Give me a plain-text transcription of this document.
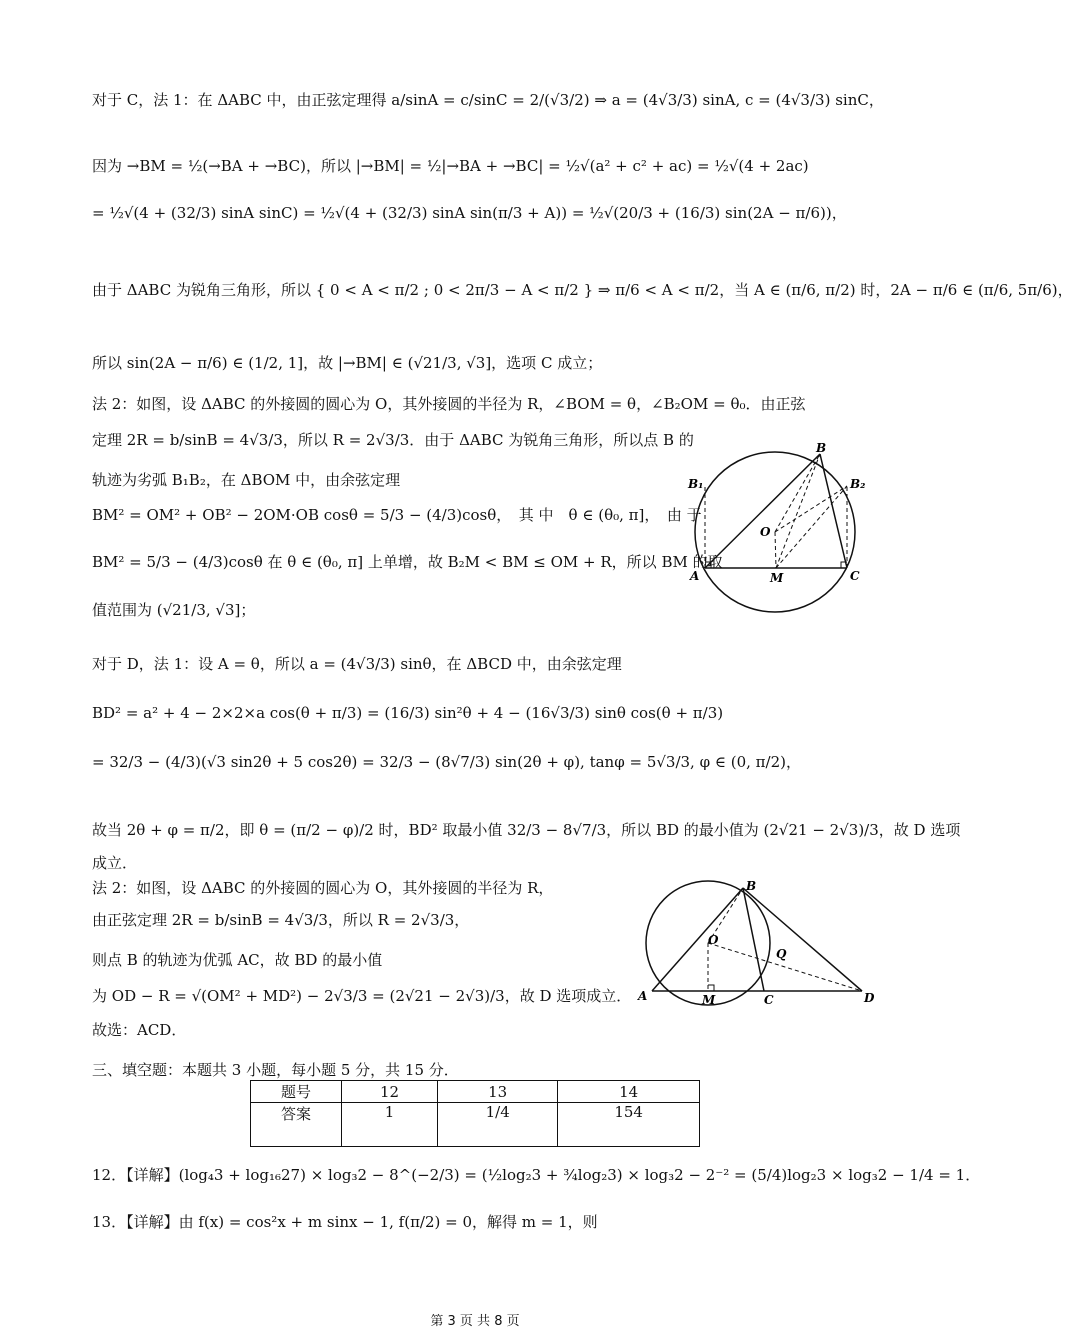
对于 C，法 1：在 ΔABC 中，由正弦定理得 a/sinA = c/sinC = 2/(√3/2) ⇒ a = (4√3/3) sinA, c = (4√3/3) sinC，
因为 →BM = ½(→BA + →BC)，所以 |→BM| = ½|→BA + →BC| = ½√(a² + c² + ac) = ½√(4 + 2ac)
= ½√(4 + (32/3) sinA sinC) = ½√(4 + (32/3) sinA sin(π/3 + A)) = ½√(20/3 + (16/3) sin(2A − π/6))，
由于 ΔABC 为锐角三角形，所以 { 0 < A < π/2 ; 0 < 2π/3 − A < π/2 } ⇒ π/6 < A < π/2，当 A ∈ (π/6, π/2) 时，2A − π/6 ∈ (π/6, 5π/6)，
所以 sin(2A − π/6) ∈ (1/2, 1]，故 |→BM| ∈ (√21/3, √3]，选项 C 成立；
法 2：如图，设 ΔABC 的外接圆的圆心为 O，其外接圆的半径为 R，∠BOM = θ，∠B₂OM = θ₀．由正弦
定理 2R = b/sinB = 4√3/3，所以 R = 2√3/3．由于 ΔABC 为锐角三角形，所以点 B 的
轨迹为劣弧 B₁B₂，在 ΔBOM 中，由余弦定理
BM² = OM² + OB² − 2OM·OB cosθ = 5/3 − (4/3)cosθ，　其 中　θ ∈ (θ₀, π]，　由 于
BM² = 5/3 − (4/3)cosθ 在 θ ∈ (θ₀, π] 上单增，故 B₂M < BM ≤ OM + R，所以 BM 的取
值范围为 (√21/3, √3]；
对于 D，法 1：设 A = θ，所以 a = (4√3/3) sinθ，在 ΔBCD 中，由余弦定理
BD² = a² + 4 − 2×2×a cos(θ + π/3) = (16/3) sin²θ + 4 − (16√3/3) sinθ cos(θ + π/3)
= 32/3 − (4/3)(√3 sin2θ + 5 cos2θ) = 32/3 − (8√7/3) sin(2θ + φ), tanφ = 5√3/3, φ ∈ (0, π/2)，
故当 2θ + φ = π/2，即 θ = (π/2 − φ)/2 时，BD² 取最小值 32/3 − 8√7/3，所以 BD 的最小值为 (2√21 − 2√3)/3，故 D 选项
成立．
法 2：如图，设 ΔABC 的外接圆的圆心为 O，其外接圆的半径为 R，
由正弦定理 2R = b/sinB = 4√3/3，所以 R = 2√3/3，
则点 B 的轨迹为优弧 AC，故 BD 的最小值
为 OD − R = √(OM² + MD²) − 2√3/3 = (2√21 − 2√3)/3，故 D 选项成立．
故选：ACD．
三、填空题：本题共 3 小题，每小题 5 分，共 15 分．
题号	12	13	14
答案	1	1/4	154
12．【详解】(log₄3 + log₁₆27) × log₃2 − 8^(−2/3) = (½log₂3 + ¾log₂3) × log₃2 − 2⁻² = (5/4)log₂3 × log₃2 − 1/4 = 1．
13．【详解】由 f(x) = cos²x + m sinx − 1, f(π/2) = 0，解得 m = 1，则
B
B₁	B₂
O
A	M	C
B
O
Q
A	M	C	D
第 3 页 共 8 页
